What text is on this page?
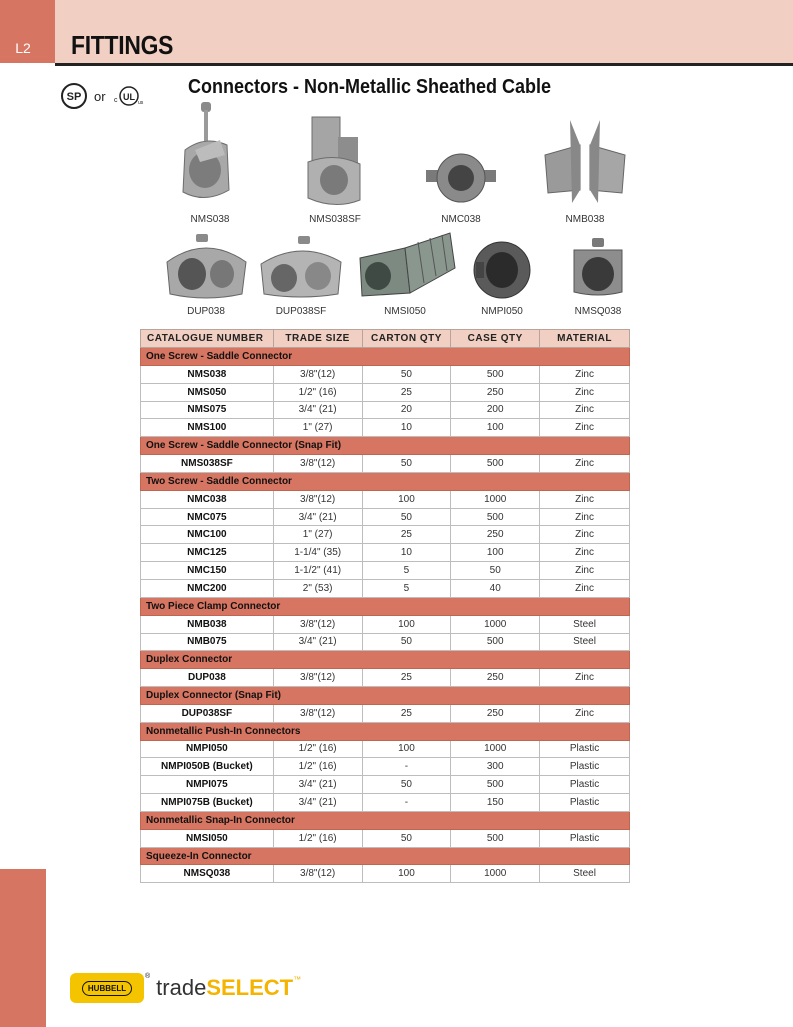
L2	FITTINGS
SP or c UL
us
Connectors - Non-Metallic Sheathed Cable
NMS038	NMS038SF	NMC038	NMB038
DUP038	DUP038SF	NMSI050	NMPI050	NMSQ038
CATALOGUE NUMBER	TRADE SIZE	CARTON QTY	CASE QTY	MATERIAL
One Screw - Saddle Connector				
NMS038	3/8"(12)	50	500	Zinc
NMS050	1/2" (16)	25	250	Zinc
NMS075	3/4" (21)	20	200	Zinc
NMS100	1" (27)	10	100	Zinc
One Screw - Saddle Connector (Snap Fit)				
NMS038SF	3/8"(12)	50	500	Zinc
Two Screw - Saddle Connector				
NMC038	3/8"(12)	100	1000	Zinc
NMC075	3/4" (21)	50	500	Zinc
NMC100	1" (27)	25	250	Zinc
NMC125	1-1/4" (35)	10	100	Zinc
NMC150	1-1/2" (41)	5	50	Zinc
NMC200	2" (53)	5	40	Zinc
Two Piece Clamp Connector				
NMB038	3/8"(12)	100	1000	Steel
NMB075	3/4" (21)	50	500	Steel
Duplex Connector				
DUP038	3/8"(12)	25	250	Zinc
Duplex Connector (Snap Fit)				
DUP038SF	3/8"(12)	25	250	Zinc
Nonmetallic Push-In Connectors				
NMPI050	1/2" (16)	100	1000	Plastic
NMPI050B (Bucket)	1/2" (16)	-	300	Plastic
NMPI075	3/4" (21)	50	500	Plastic
NMPI075B (Bucket)	3/4" (21)	-	150	Plastic
Nonmetallic Snap-In Connector				
NMSI050	1/2" (16)	50	500	Plastic
Squeeze-In Connector				
NMSQ038	3/8"(12)	100	1000	Steel
HUBBELL
® trade SELECT ™
